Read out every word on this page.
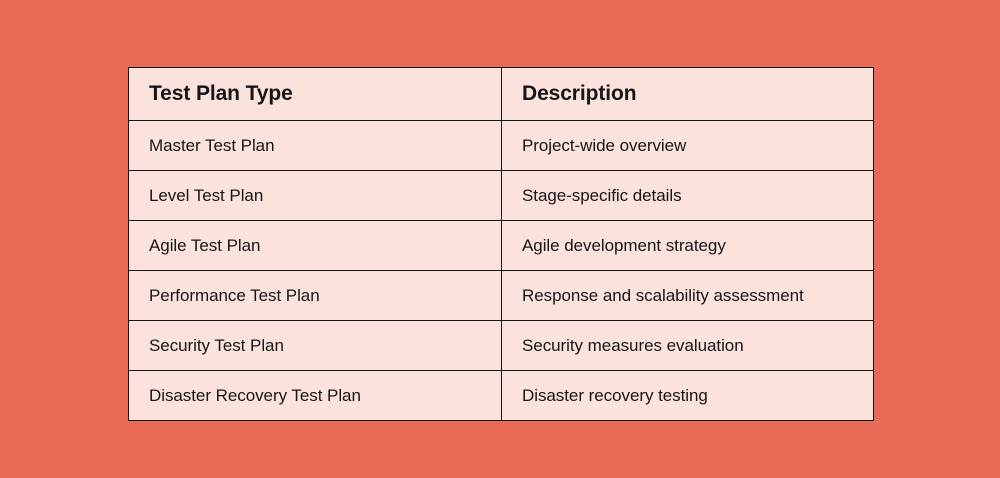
Test Plan Type	Description
Master Test Plan	Project-wide overview
Level Test Plan	Stage-specific details
Agile Test Plan	Agile development strategy
Performance Test Plan	Response and scalability assessment
Security Test Plan	Security measures evaluation
Disaster Recovery Test Plan	Disaster recovery testing
